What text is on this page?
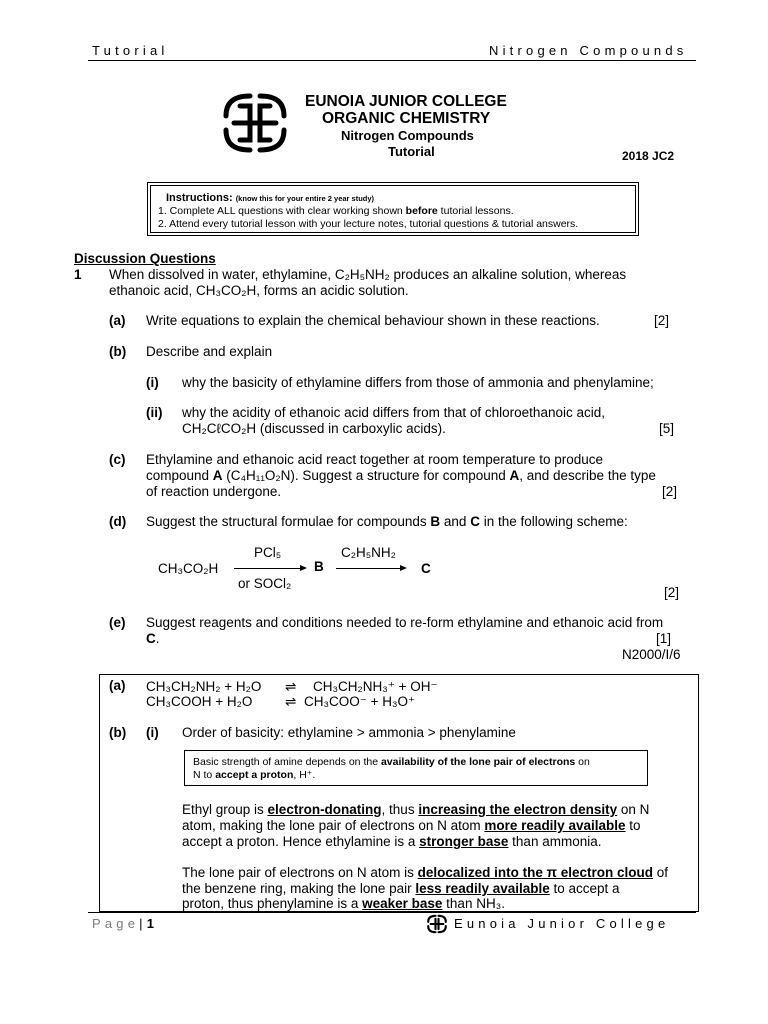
Tutorial	Nitrogen Compounds
EUNOIA JUNIOR COLLEGE
ORGANIC CHEMISTRY
Nitrogen Compounds
Tutorial	2018 JC2
Instructions: (know this for your entire 2 year study)
1. Complete ALL questions with clear working shown before tutorial lessons.
2. Attend every tutorial lesson with your lecture notes, tutorial questions & tutorial answers.
Discussion Questions
1 When dissolved in water, ethylamine, C₂H₅NH₂ produces an alkaline solution, whereas
ethanoic acid, CH₃CO₂H, forms an acidic solution.
(a) Write equations to explain the chemical behaviour shown in these reactions.	[2]
(b) Describe and explain
(i) why the basicity of ethylamine differs from those of ammonia and phenylamine;
(ii) why the acidity of ethanoic acid differs from that of chloroethanoic acid,
CH₂CℓCO₂H (discussed in carboxylic acids).	[5]
(c) Ethylamine and ethanoic acid react together at room temperature to produce
compound A (C₄H₁₁O₂N). Suggest a structure for compound A, and describe the type
of reaction undergone.	[2]
(d) Suggest the structural formulae for compounds B and C in the following scheme:
CH₃CO₂H
PCl₅
or SOCl₂
B
C₂H₅NH₂
C
[2]
(e) Suggest reagents and conditions needed to re-form ethylamine and ethanoic acid from
C.	[1]
N2000/I/6
(a) CH₃CH₂NH₂ + H₂O ⇌ CH₃CH₂NH₃⁺ + OH⁻
CH₃COOH + H₂O ⇌ CH₃COO⁻ + H₃O⁺
(b) (i) Order of basicity: ethylamine > ammonia > phenylamine
Basic strength of amine depends on the availability of the lone pair of electrons on
N to accept a proton, H⁺.
Ethyl group is electron-donating, thus increasing the electron density on N
atom, making the lone pair of electrons on N atom more readily available to
accept a proton. Hence ethylamine is a stronger base than ammonia.
The lone pair of electrons on N atom is delocalized into the π electron cloud of
the benzene ring, making the lone pair less readily available to accept a
proton, thus phenylamine is a weaker base than NH₃.
Page|1	Eunoia Junior College
